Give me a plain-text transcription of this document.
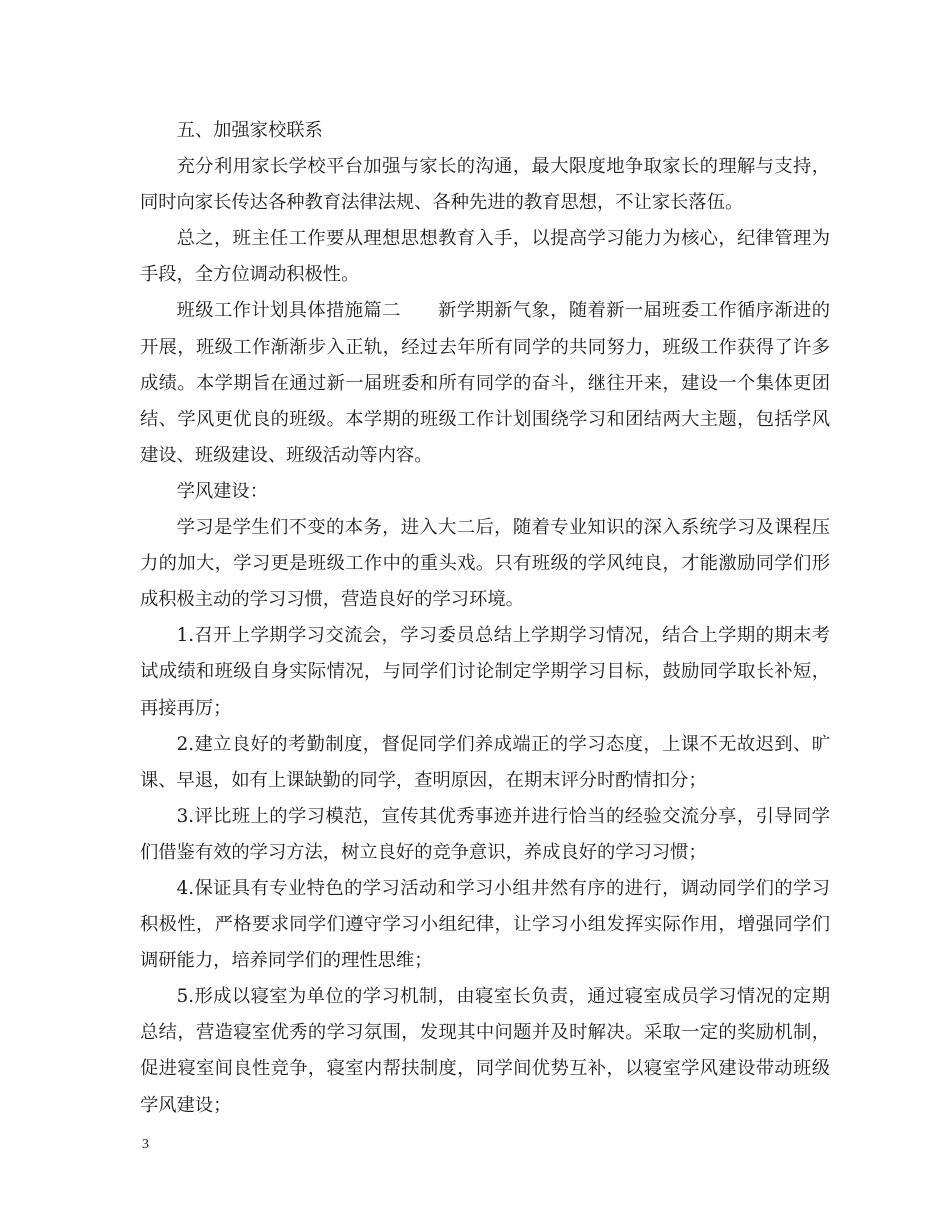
五、加强家校联系

充分利用家长学校平台加强与家长的沟通，最大限度地争取家长的理解与支持，同时向家长传达各种教育法律法规、各种先进的教育思想，不让家长落伍。

总之，班主任工作要从理想思想教育入手，以提高学习能力为核心，纪律管理为手段，全方位调动积极性。

班级工作计划具体措施篇二　　新学期新气象，随着新一届班委工作循序渐进的开展，班级工作渐渐步入正轨，经过去年所有同学的共同努力，班级工作获得了许多成绩。本学期旨在通过新一届班委和所有同学的奋斗，继往开来，建设一个集体更团结、学风更优良的班级。本学期的班级工作计划围绕学习和团结两大主题，包括学风建设、班级建设、班级活动等内容。

学风建设：

学习是学生们不变的本务，进入大二后，随着专业知识的深入系统学习及课程压力的加大，学习更是班级工作中的重头戏。只有班级的学风纯良，才能激励同学们形成积极主动的学习习惯，营造良好的学习环境。

1.召开上学期学习交流会，学习委员总结上学期学习情况，结合上学期的期末考试成绩和班级自身实际情况，与同学们讨论制定学期学习目标，鼓励同学取长补短，再接再厉；

2.建立良好的考勤制度，督促同学们养成端正的学习态度，上课不无故迟到、旷课、早退，如有上课缺勤的同学，查明原因，在期末评分时酌情扣分；

3.评比班上的学习模范，宣传其优秀事迹并进行恰当的经验交流分享，引导同学们借鉴有效的学习方法，树立良好的竞争意识，养成良好的学习习惯；

4.保证具有专业特色的学习活动和学习小组井然有序的进行，调动同学们的学习积极性，严格要求同学们遵守学习小组纪律，让学习小组发挥实际作用，增强同学们调研能力，培养同学们的理性思维；

5.形成以寝室为单位的学习机制，由寝室长负责，通过寝室成员学习情况的定期总结，营造寝室优秀的学习氛围，发现其中问题并及时解决。采取一定的奖励机制，促进寝室间良性竞争，寝室内帮扶制度，同学间优势互补，以寝室学风建设带动班级学风建设；

3
